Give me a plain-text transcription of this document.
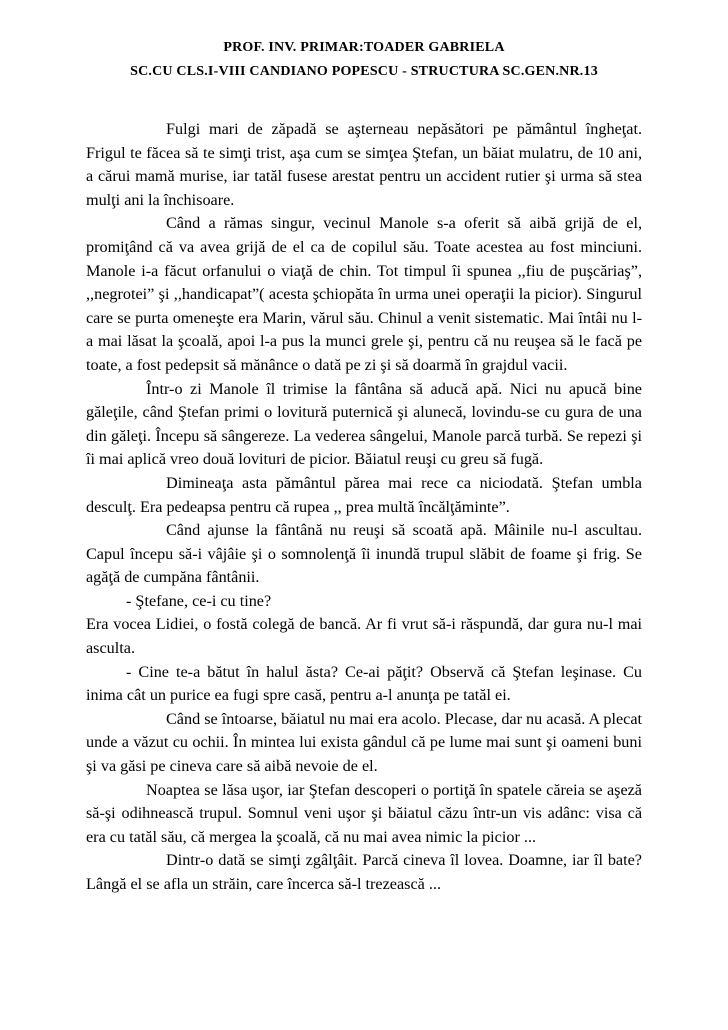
PROF. INV. PRIMAR:TOADER GABRIELA
SC.CU CLS.I-VIII CANDIANO POPESCU - STRUCTURA SC.GEN.NR.13

Fulgi mari de zăpadă se aşterneau nepăsători pe pământul îngheţat. Frigul te făcea să te simţi trist, aşa cum se simţea Ştefan, un băiat mulatru, de 10 ani, a cărui mamă murise, iar tatăl fusese arestat pentru un accident rutier şi urma să stea mulţi ani la închisoare.

Când a rămas singur, vecinul Manole s-a oferit să aibă grijă de el, promiţând că va avea grijă de el ca de copilul său. Toate acestea au fost minciuni. Manole i-a făcut orfanului o viaţă de chin. Tot timpul îi spunea ,,fiu de puşcăriaş”, ,,negrotei” şi ,,handicapat”( acesta şchiopăta în urma unei operaţii la picior). Singurul care se purta omeneşte era Marin, vărul său. Chinul a venit sistematic. Mai întâi nu l-a mai lăsat la şcoală, apoi l-a pus la munci grele şi, pentru că nu reuşea să le facă pe toate, a fost pedepsit să mănânce o dată pe zi şi să doarmă în grajdul vacii.

Într-o zi Manole îl trimise la fântâna să aducă apă. Nici nu apucă bine găleţile, când Ştefan primi o lovitură puternică şi alunecă, lovindu-se cu gura de una din găleţi. Începu să sângereze. La vederea sângelui, Manole parcă turbă. Se repezi şi îi mai aplică vreo două lovituri de picior. Băiatul reuşi cu greu să fugă.

Dimineaţa asta pământul părea mai rece ca niciodată. Ştefan umbla desculţ. Era pedeapsa pentru că rupea ,, prea multă încălţăminte”.

Când ajunse la fântână nu reuşi să scoată apă. Mâinile nu-l ascultau. Capul începu să-i vâjâie şi o somnolenţă îi inundă trupul slăbit de foame şi frig. Se agăţă de cumpăna fântânii.

- Ştefane, ce-i cu tine?

Era vocea Lidiei, o fostă colegă de bancă. Ar fi vrut să-i răspundă, dar gura nu-l mai asculta.

- Cine te-a bătut în halul ăsta? Ce-ai păţit? Observă că Ştefan leşinase. Cu inima cât un purice ea fugi spre casă, pentru a-l anunţa pe tatăl ei.

Când se întoarse, băiatul nu mai era acolo. Plecase, dar nu acasă. A plecat unde a văzut cu ochii. În mintea lui exista gândul că pe lume mai sunt şi oameni buni şi va găsi pe cineva care să aibă nevoie de el.

Noaptea se lăsa uşor, iar Ştefan descoperi o portiţă în spatele căreia se aşeză să-şi odihnească trupul. Somnul veni uşor şi băiatul căzu într-un vis adânc: visa că era cu tatăl său, că mergea la şcoală, că nu mai avea nimic la picior ...

Dintr-o dată se simţi zgâlţâit. Parcă cineva îl lovea. Doamne, iar îl bate? Lângă el se afla un străin, care încerca să-l trezească ...
